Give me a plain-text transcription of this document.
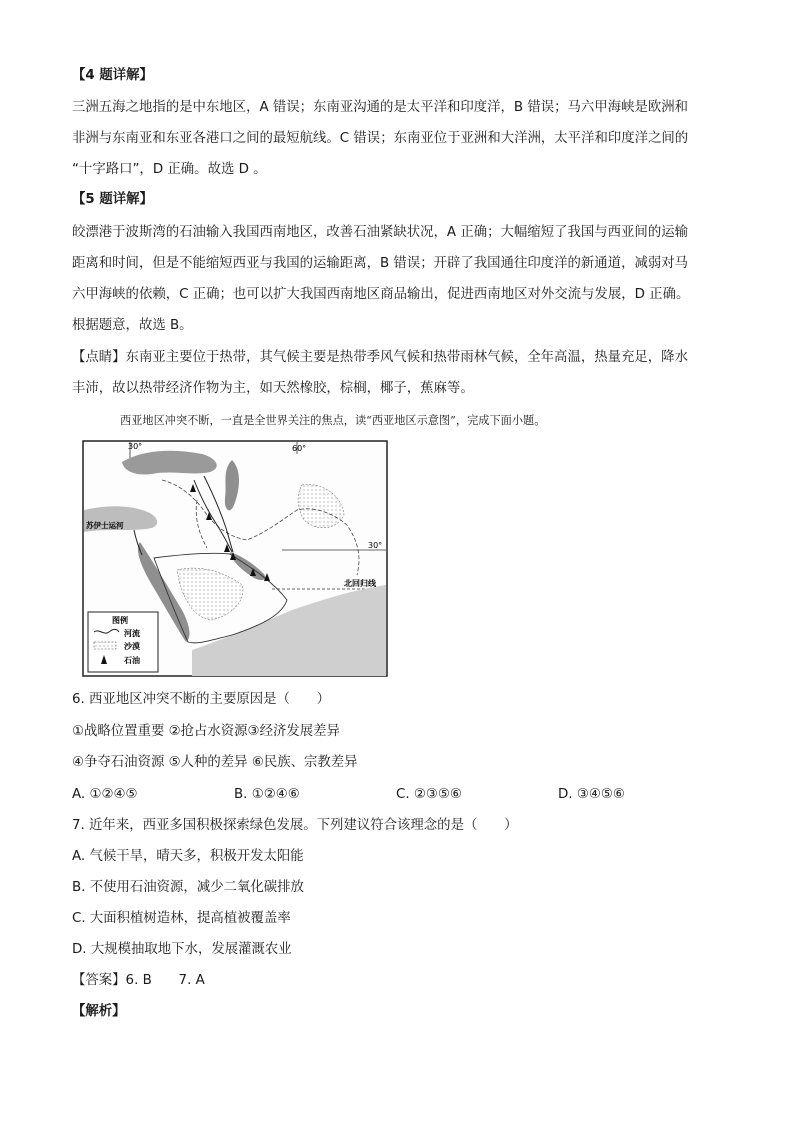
【4 题详解】
三洲五海之地指的是中东地区，A 错误；东南亚沟通的是太平洋和印度洋，B 错误；马六甲海峡是欧洲和
非洲与东南亚和东亚各港口之间的最短航线。C 错误；东南亚位于亚洲和大洋洲，太平洋和印度洋之间的
“十字路口”，D 正确。故选 D 。
【5 题详解】
皎漂港于波斯湾的石油输入我国西南地区，改善石油紧缺状况，A 正确；大幅缩短了我国与西亚间的运输
距离和时间，但是不能缩短西亚与我国的运输距离，B 错误；开辟了我国通往印度洋的新通道，减弱对马
六甲海峡的依赖，C 正确；也可以扩大我国西南地区商品输出，促进西南地区对外交流与发展，D 正确。
根据题意，故选 B。
【点睛】东南亚主要位于热带，其气候主要是热带季风气候和热带雨林气候，全年高温，热量充足，降水
丰沛，故以热带经济作物为主，如天然橡胶，棕榈，椰子，蕉麻等。
西亚地区冲突不断，一直是全世界关注的焦点，读“西亚地区示意图”，完成下面小题。
30°	60°
30°
苏伊士运河
北回归线
图例
河流
沙漠
石油
6. 西亚地区冲突不断的主要原因是（　　）
①战略位置重要 ②抢占水资源③经济发展差异
④争夺石油资源 ⑤人种的差异 ⑥民族、宗教差异
A. ①②④⑤	B. ①②④⑥	C. ②③⑤⑥	D. ③④⑤⑥
7. 近年来，西亚多国积极探索绿色发展。下列建议符合该理念的是（　　）
A. 气候干旱，晴天多，积极开发太阳能
B. 不使用石油资源，减少二氧化碳排放
C. 大面积植树造林，提高植被覆盖率
D. 大规模抽取地下水，发展灌溉农业
【答案】6. B　　7. A
【解析】
